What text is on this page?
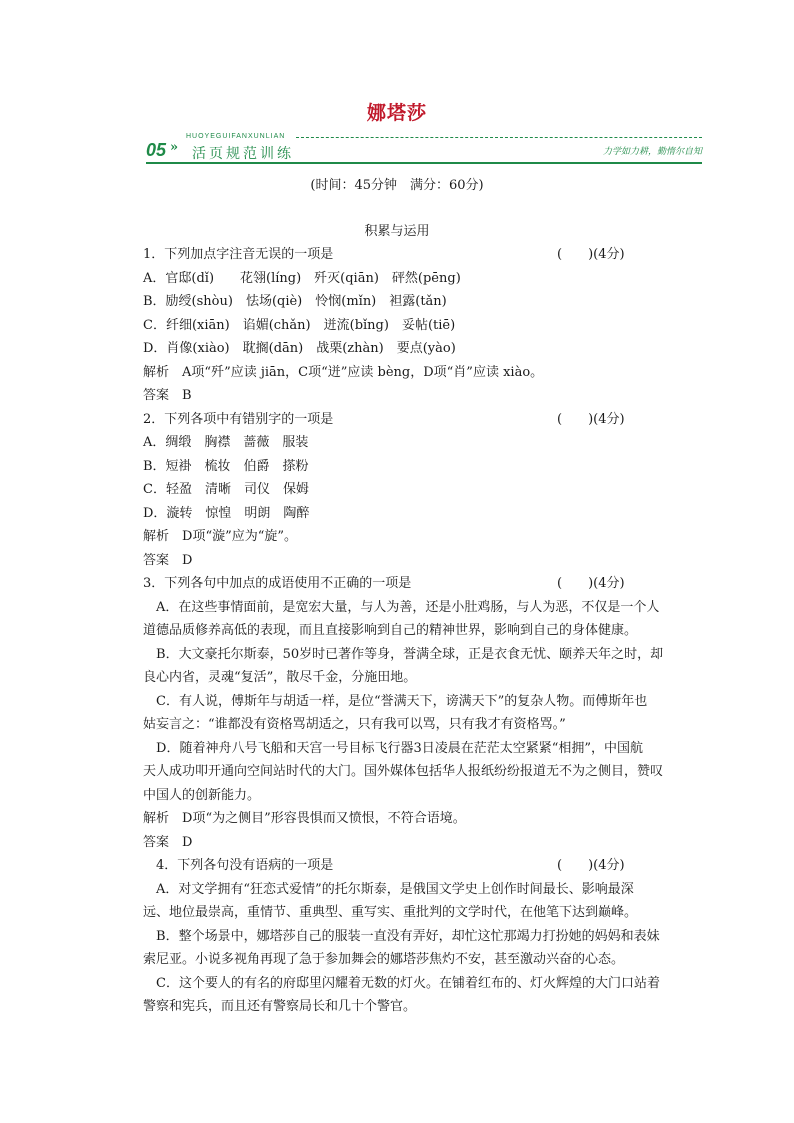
娜塔莎
05 »
HUOYEGUIFANXUNLIAN
活页规范训练	力学如力耕，勤惰尔自知
(时间：45分钟　满分：60分)
积累与运用
1．下列加点字注音无误的一项是	(　　)(4分)
A．官邸(dǐ)　　花翎(líng)　歼灭(qiān)　砰然(pēng)
B．励绶(shòu)　怯场(qiè)　怜悯(mǐn)　袒露(tǎn)
C．纤细(xiān)　谄媚(chǎn)　迸流(bǐng)　妥帖(tiē)
D．肖像(xiào)　耽搁(dān)　战栗(zhàn)　要点(yào)
解析　 A项“歼”应读 jiān，C项“迸”应读 bèng，D项“肖”应读 xiào。
答案　 B
2．下列各项中有错别字的一项是	(　　)(4分)
A．绸缎　胸襟　蔷薇　服装
B．短褂　梳妆　伯爵　搽粉
C．轻盈　清晰　司仪　保姆
D．漩转　惊惶　明朗　陶醉
解析　 D项“漩”应为“旋”。
答案　 D
3．下列各句中加点的成语使用不正确的一项是	(　　)(4分)
　A．在这些事情面前，是宽宏大量，与人为善，还是小肚鸡肠，与人为恶，不仅是一个人
道德品质修养高低的表现，而且直接影响到自己的精神世界，影响到自己的身体健康。
　B．大文豪托尔斯泰，50岁时已著作等身，誉满全球，正是衣食无忧、颐养天年之时，却
良心内省，灵魂“复活”，散尽千金，分施田地。
　C．有人说，傅斯年与胡适一样，是位“誉满天下，谤满天下”的复杂人物。而傅斯年也
姑妄言之：“谁都没有资格骂胡适之，只有我可以骂，只有我才有资格骂。”
　D．随着神舟八号飞船和天宫一号目标飞行器3日凌晨在茫茫太空紧紧“相拥”，中国航
天人成功叩开通向空间站时代的大门。国外媒体包括华人报纸纷纷报道无不为之侧目，赞叹
中国人的创新能力。
解析　 D项“为之侧目”形容畏惧而又愤恨，不符合语境。
答案　 D
　4．下列各句没有语病的一项是	(　　)(4分)
　A．对文学拥有“狂恋式爱情”的托尔斯泰，是俄国文学史上创作时间最长、影响最深
远、地位最崇高，重情节、重典型、重写实、重批判的文学时代，在他笔下达到巅峰。
　B．整个场景中，娜塔莎自己的服装一直没有弄好，却忙这忙那竭力打扮她的妈妈和表妹
索尼亚。小说多视角再现了急于参加舞会的娜塔莎焦灼不安，甚至激动兴奋的心态。
　C．这个要人的有名的府邸里闪耀着无数的灯火。在铺着红布的、灯火辉煌的大门口站着
警察和宪兵，而且还有警察局长和几十个警官。
